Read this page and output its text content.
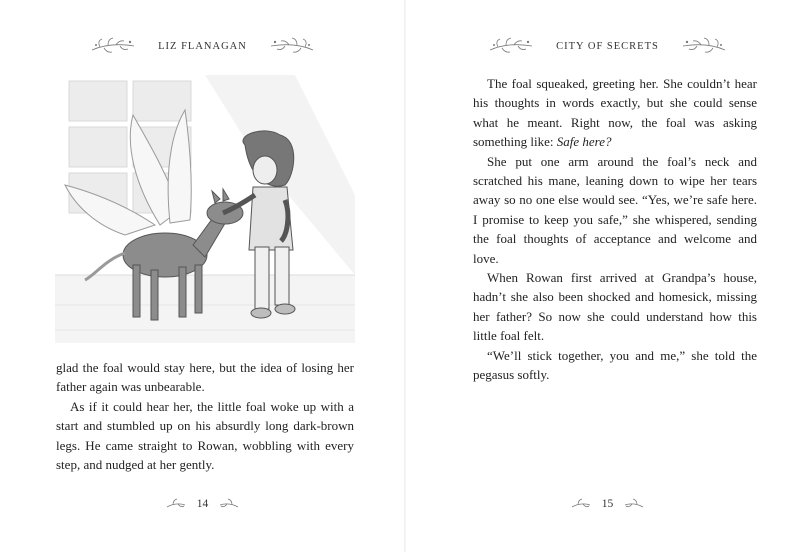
LIZ FLANAGAN

glad the foal would stay here, but the idea of losing her father again was unbearable.

As if it could hear her, the little foal woke up with a start and stumbled up on his absurdly long dark-brown legs. He came straight to Rowan, wobbling with every step, and nudged at her gently.

14
CITY OF SECRETS

The foal squeaked, greeting her. She couldn’t hear his thoughts in words exactly, but she could sense what he meant. Right now, the foal was asking something like: Safe here?

She put one arm around the foal’s neck and scratched his mane, leaning down to wipe her tears away so no one else would see. “Yes, we’re safe here. I promise to keep you safe,” she whispered, sending the foal thoughts of acceptance and welcome and love.

When Rowan first arrived at Grandpa’s house, hadn’t she also been shocked and homesick, missing her father? So now she could understand how this little foal felt.

“We’ll stick together, you and me,” she told the pegasus softly.

15
